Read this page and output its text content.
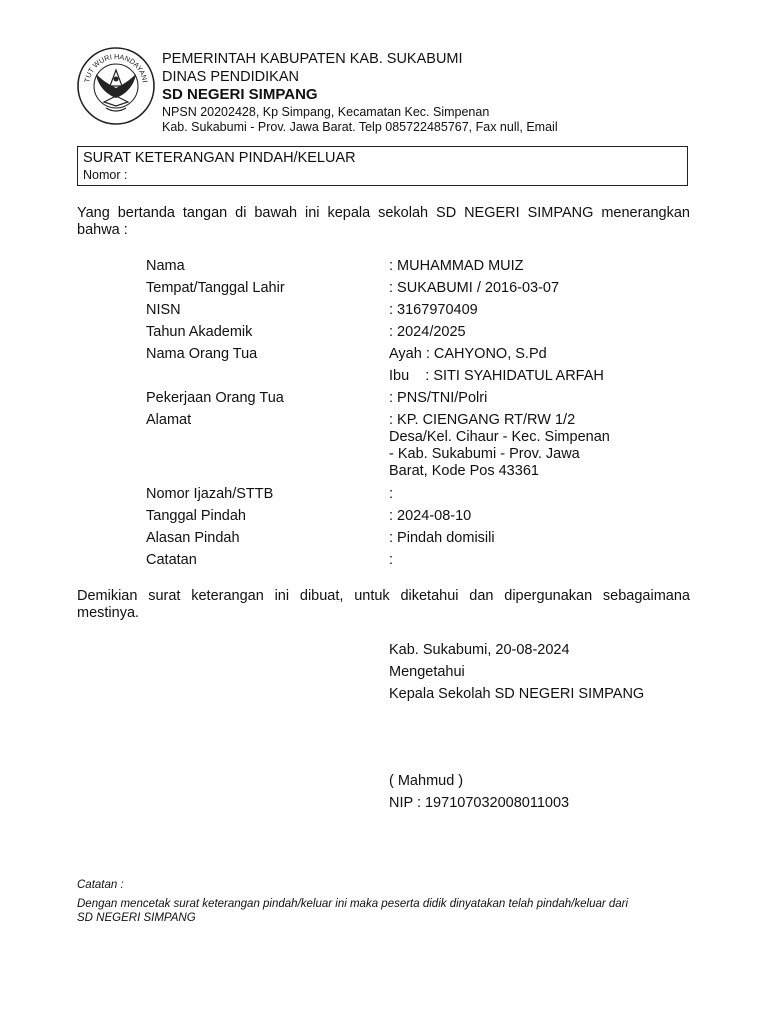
TUT WURI HANDAYANI
PEMERINTAH KABUPATEN KAB. SUKABUMI
DINAS PENDIDIKAN
SD NEGERI SIMPANG
NPSN 20202428, Kp Simpang, Kecamatan Kec. Simpenan
Kab. Sukabumi - Prov. Jawa Barat. Telp 085722485767, Fax null, Email
SURAT KETERANGAN PINDAH/KELUAR
Nomor :
Yang bertanda tangan di bawah ini kepala sekolah SD NEGERI SIMPANG menerangkan bahwa :
Nama	: MUHAMMAD MUIZ
Tempat/Tanggal Lahir	: SUKABUMI / 2016-03-07
NISN	: 3167970409
Tahun Akademik	: 2024/2025
Nama Orang Tua	Ayah : CAHYONO, S.Pd
Ibu    : SITI SYAHIDATUL ARFAH
Pekerjaan Orang Tua	: PNS/TNI/Polri
Alamat	: KP. CIENGANG RT/RW 1/2
Desa/Kel. Cihaur - Kec. Simpenan
- Kab. Sukabumi - Prov. Jawa
Barat, Kode Pos 43361
Nomor Ijazah/STTB	:
Tanggal Pindah	: 2024-08-10
Alasan Pindah	: Pindah domisili
Catatan	:
Demikian surat keterangan ini dibuat, untuk diketahui dan dipergunakan sebagaimana mestinya.
Kab. Sukabumi, 20-08-2024
Mengetahui
Kepala Sekolah SD NEGERI SIMPANG
( Mahmud )
NIP : 197107032008011003
Catatan :
Dengan mencetak surat keterangan pindah/keluar ini maka peserta didik dinyatakan telah pindah/keluar dari
SD NEGERI SIMPANG
